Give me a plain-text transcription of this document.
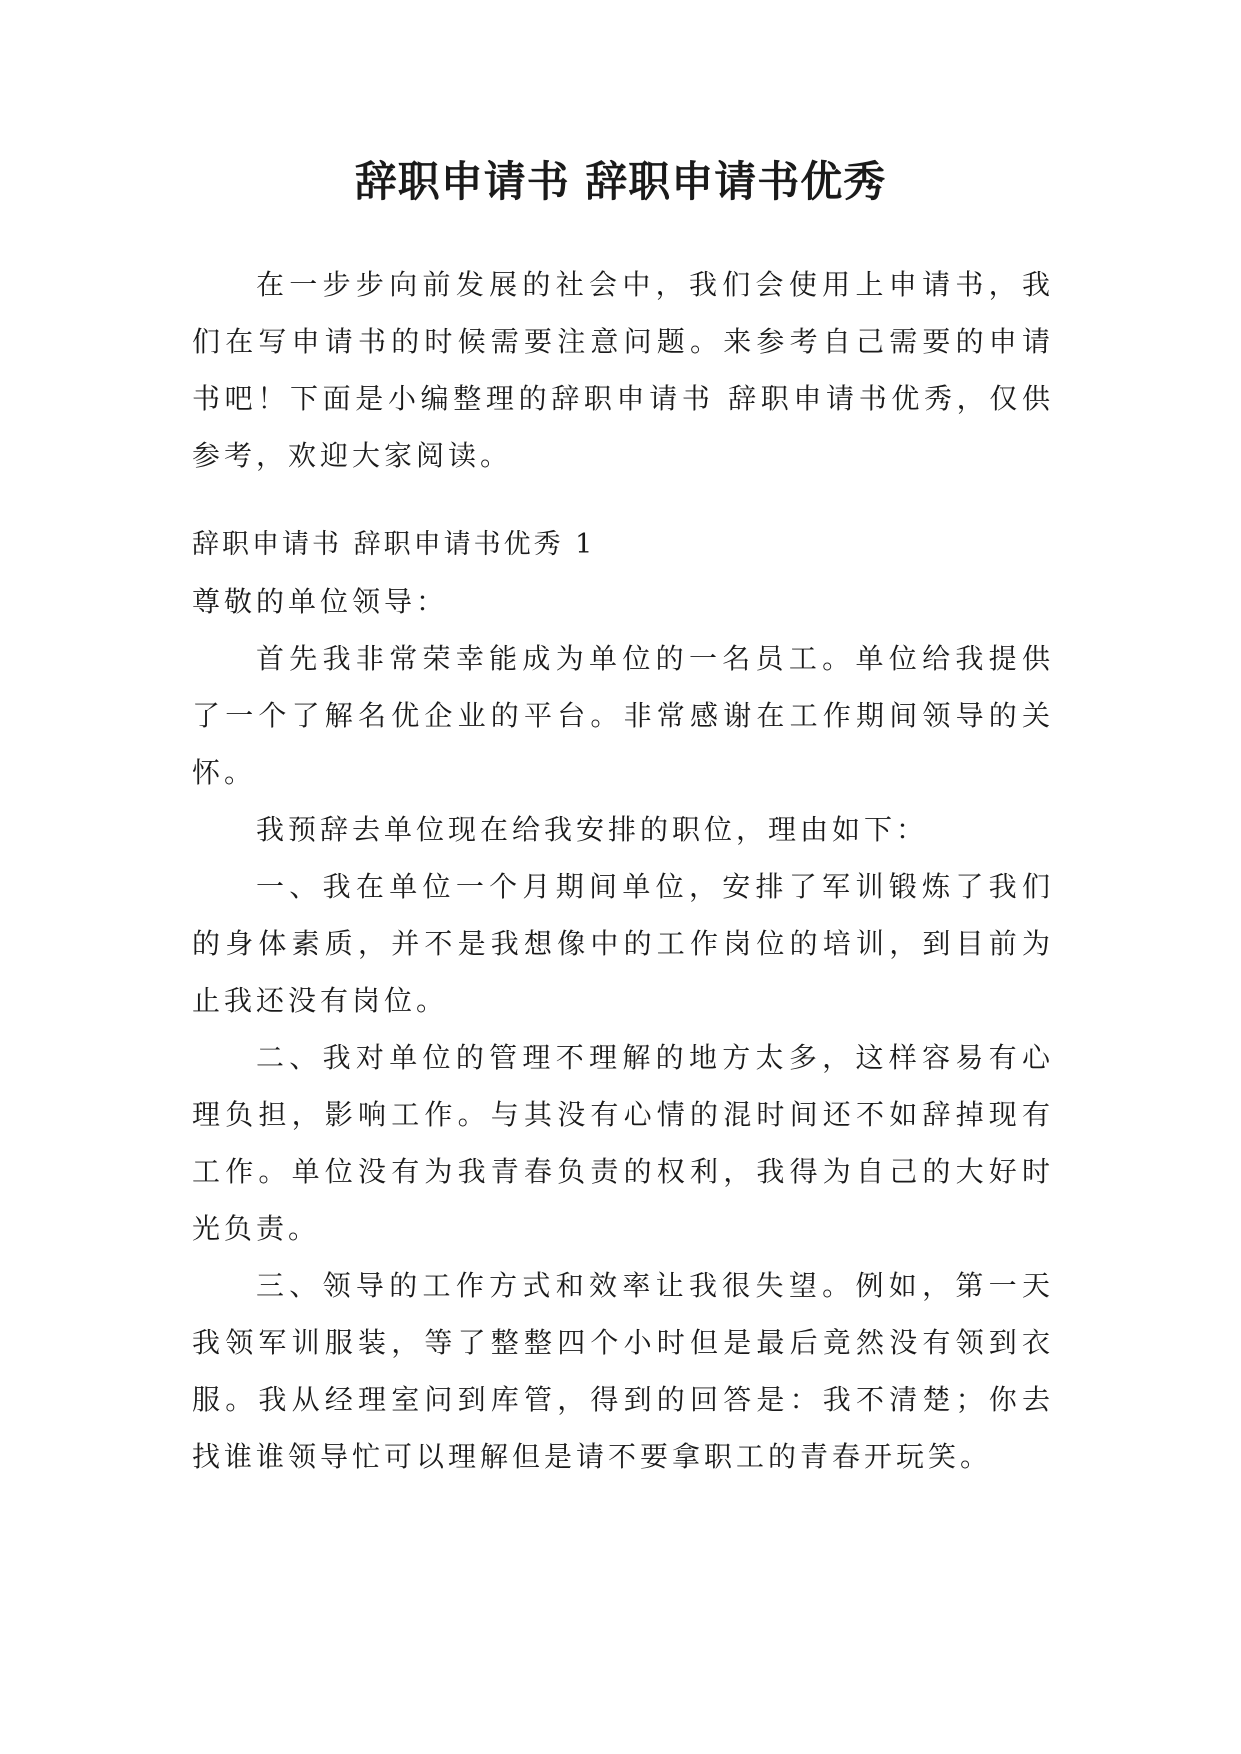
辞职申请书 辞职申请书优秀

在一步步向前发展的社会中，我们会使用上申请书，我们在写申请书的时候需要注意问题。来参考自己需要的申请书吧！下面是小编整理的辞职申请书 辞职申请书优秀，仅供参考，欢迎大家阅读。

辞职申请书 辞职申请书优秀 1

尊敬的单位领导：

首先我非常荣幸能成为单位的一名员工。单位给我提供了一个了解名优企业的平台。非常感谢在工作期间领导的关怀。

我预辞去单位现在给我安排的职位，理由如下：

一、我在单位一个月期间单位，安排了军训锻炼了我们的身体素质，并不是我想像中的工作岗位的培训，到目前为止我还没有岗位。

二、我对单位的管理不理解的地方太多，这样容易有心理负担，影响工作。与其没有心情的混时间还不如辞掉现有工作。单位没有为我青春负责的权利，我得为自己的大好时光负责。

三、领导的工作方式和效率让我很失望。例如，第一天我领军训服装，等了整整四个小时但是最后竟然没有领到衣服。我从经理室问到库管，得到的回答是：我不清楚；你去找谁谁领导忙可以理解但是请不要拿职工的青春开玩笑。
